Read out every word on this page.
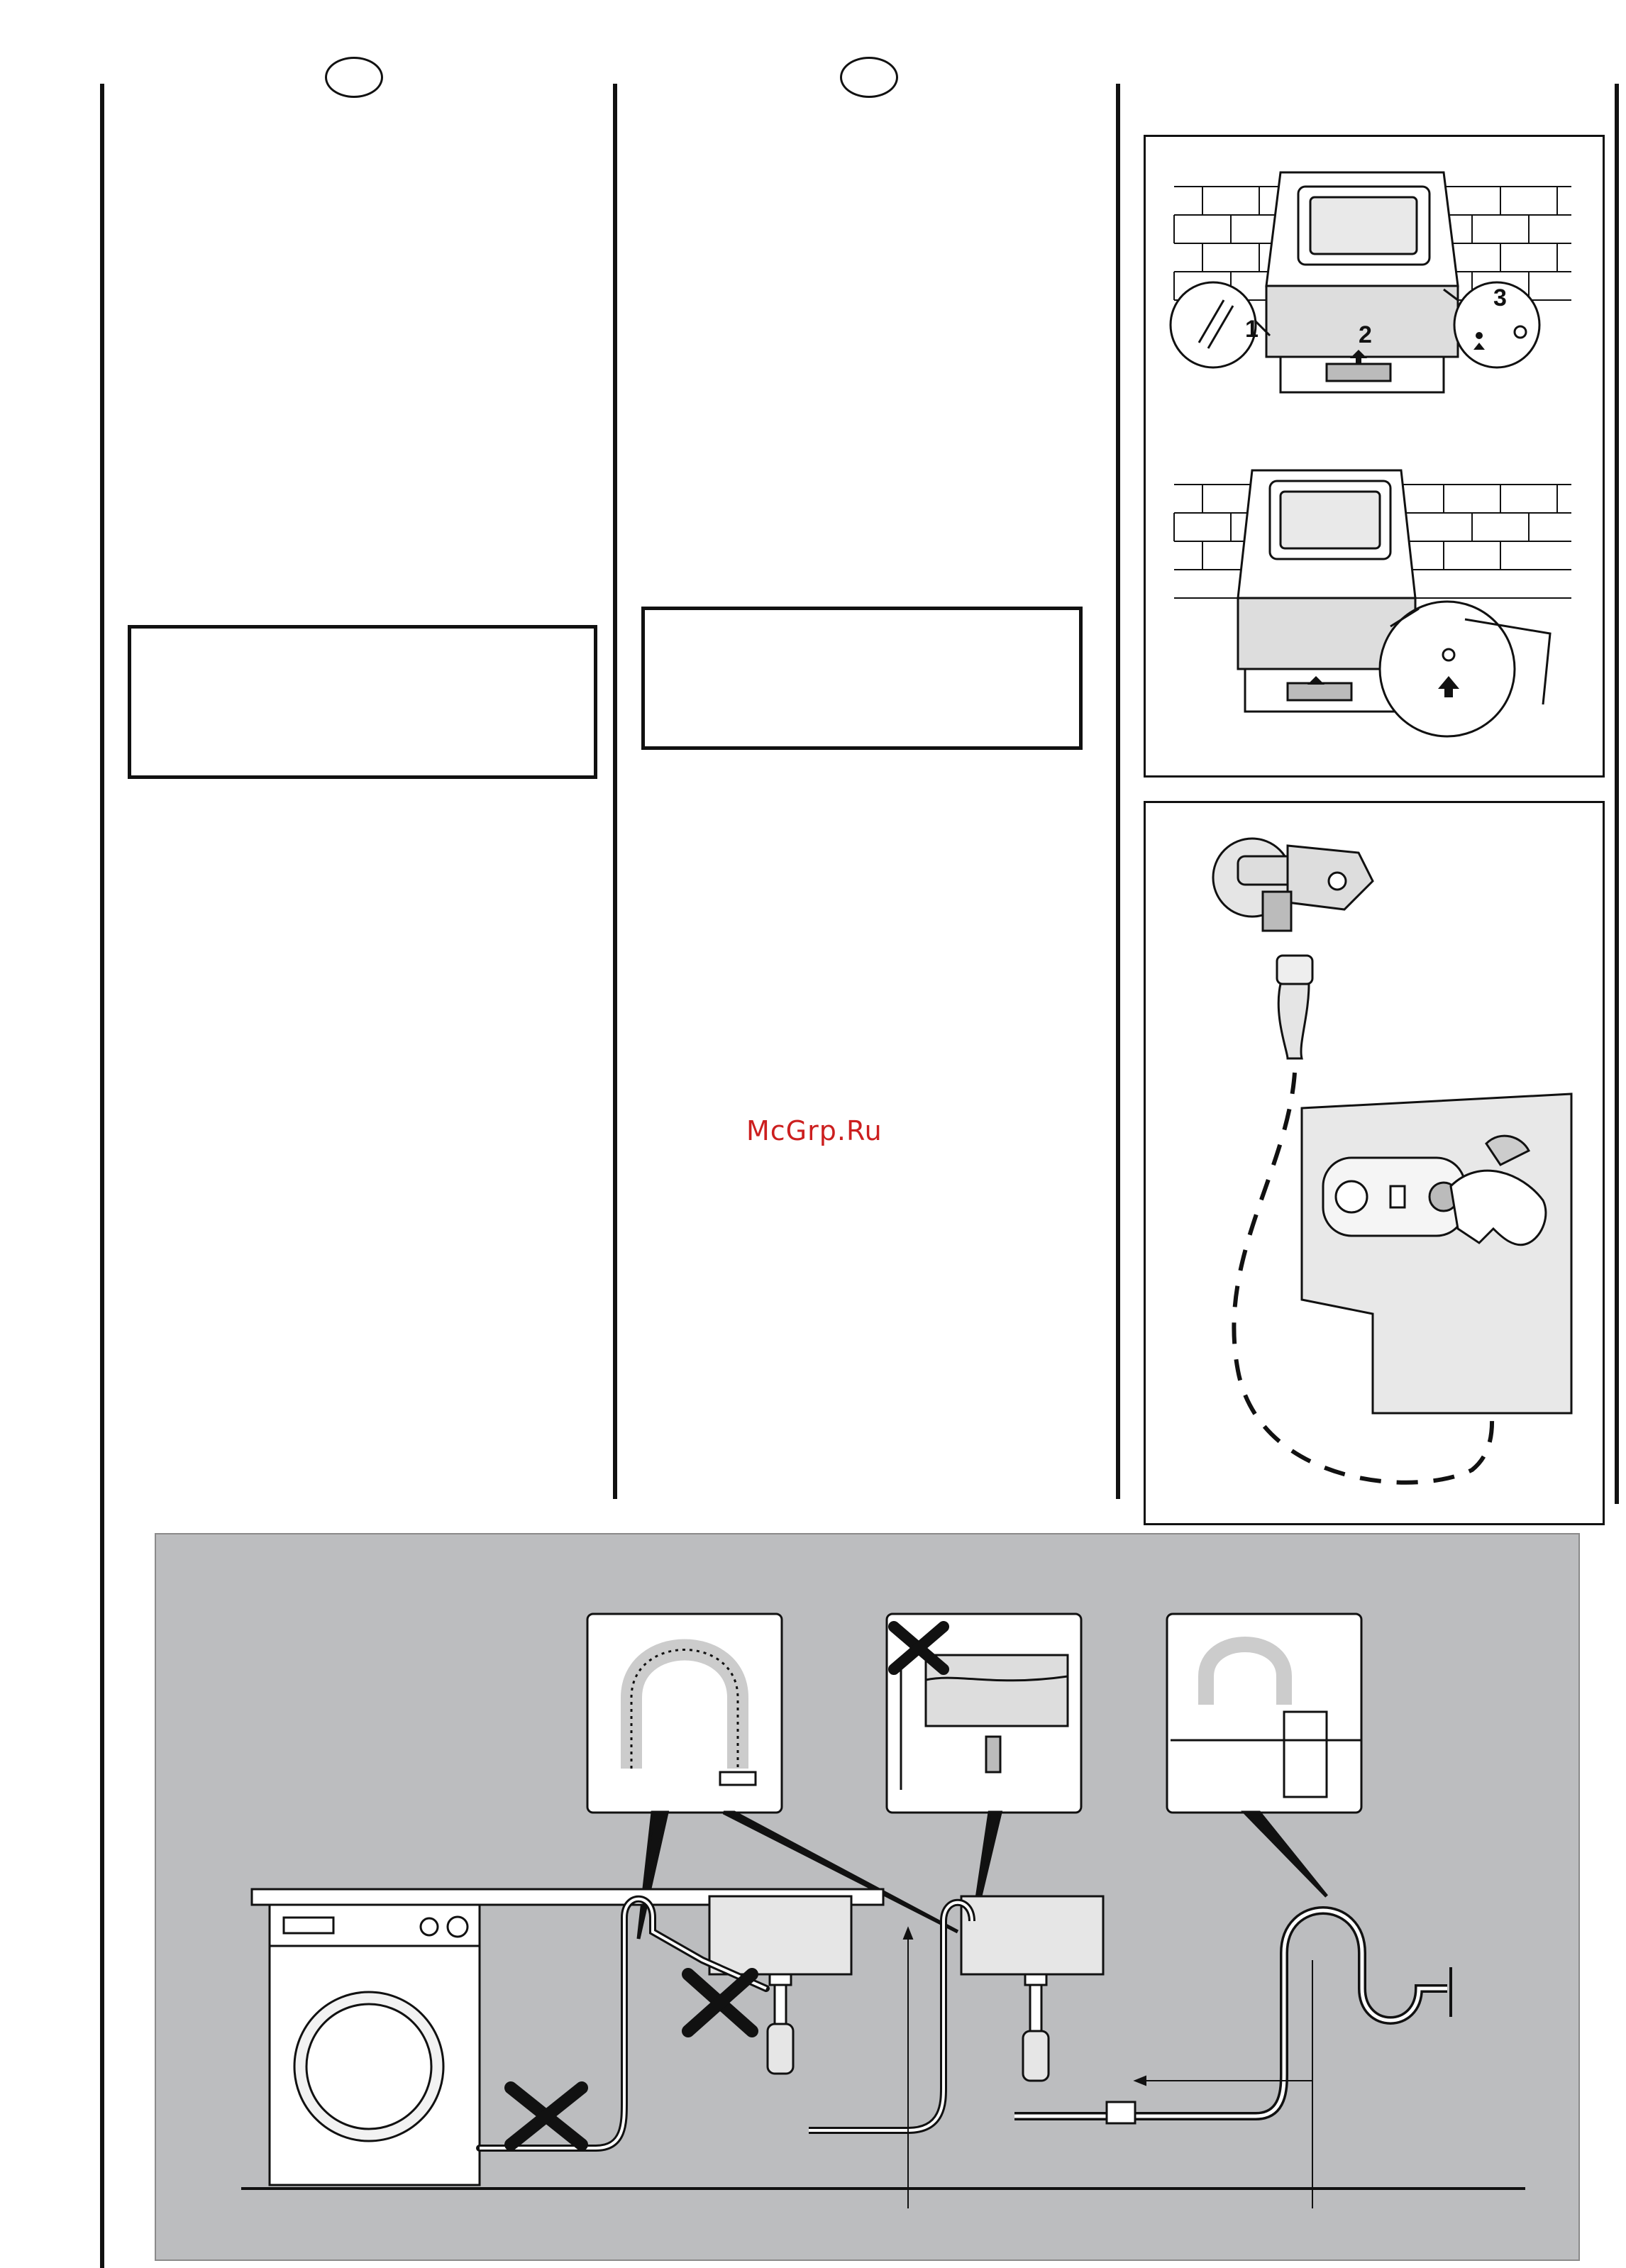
McGrp.Ru
1
3
2
